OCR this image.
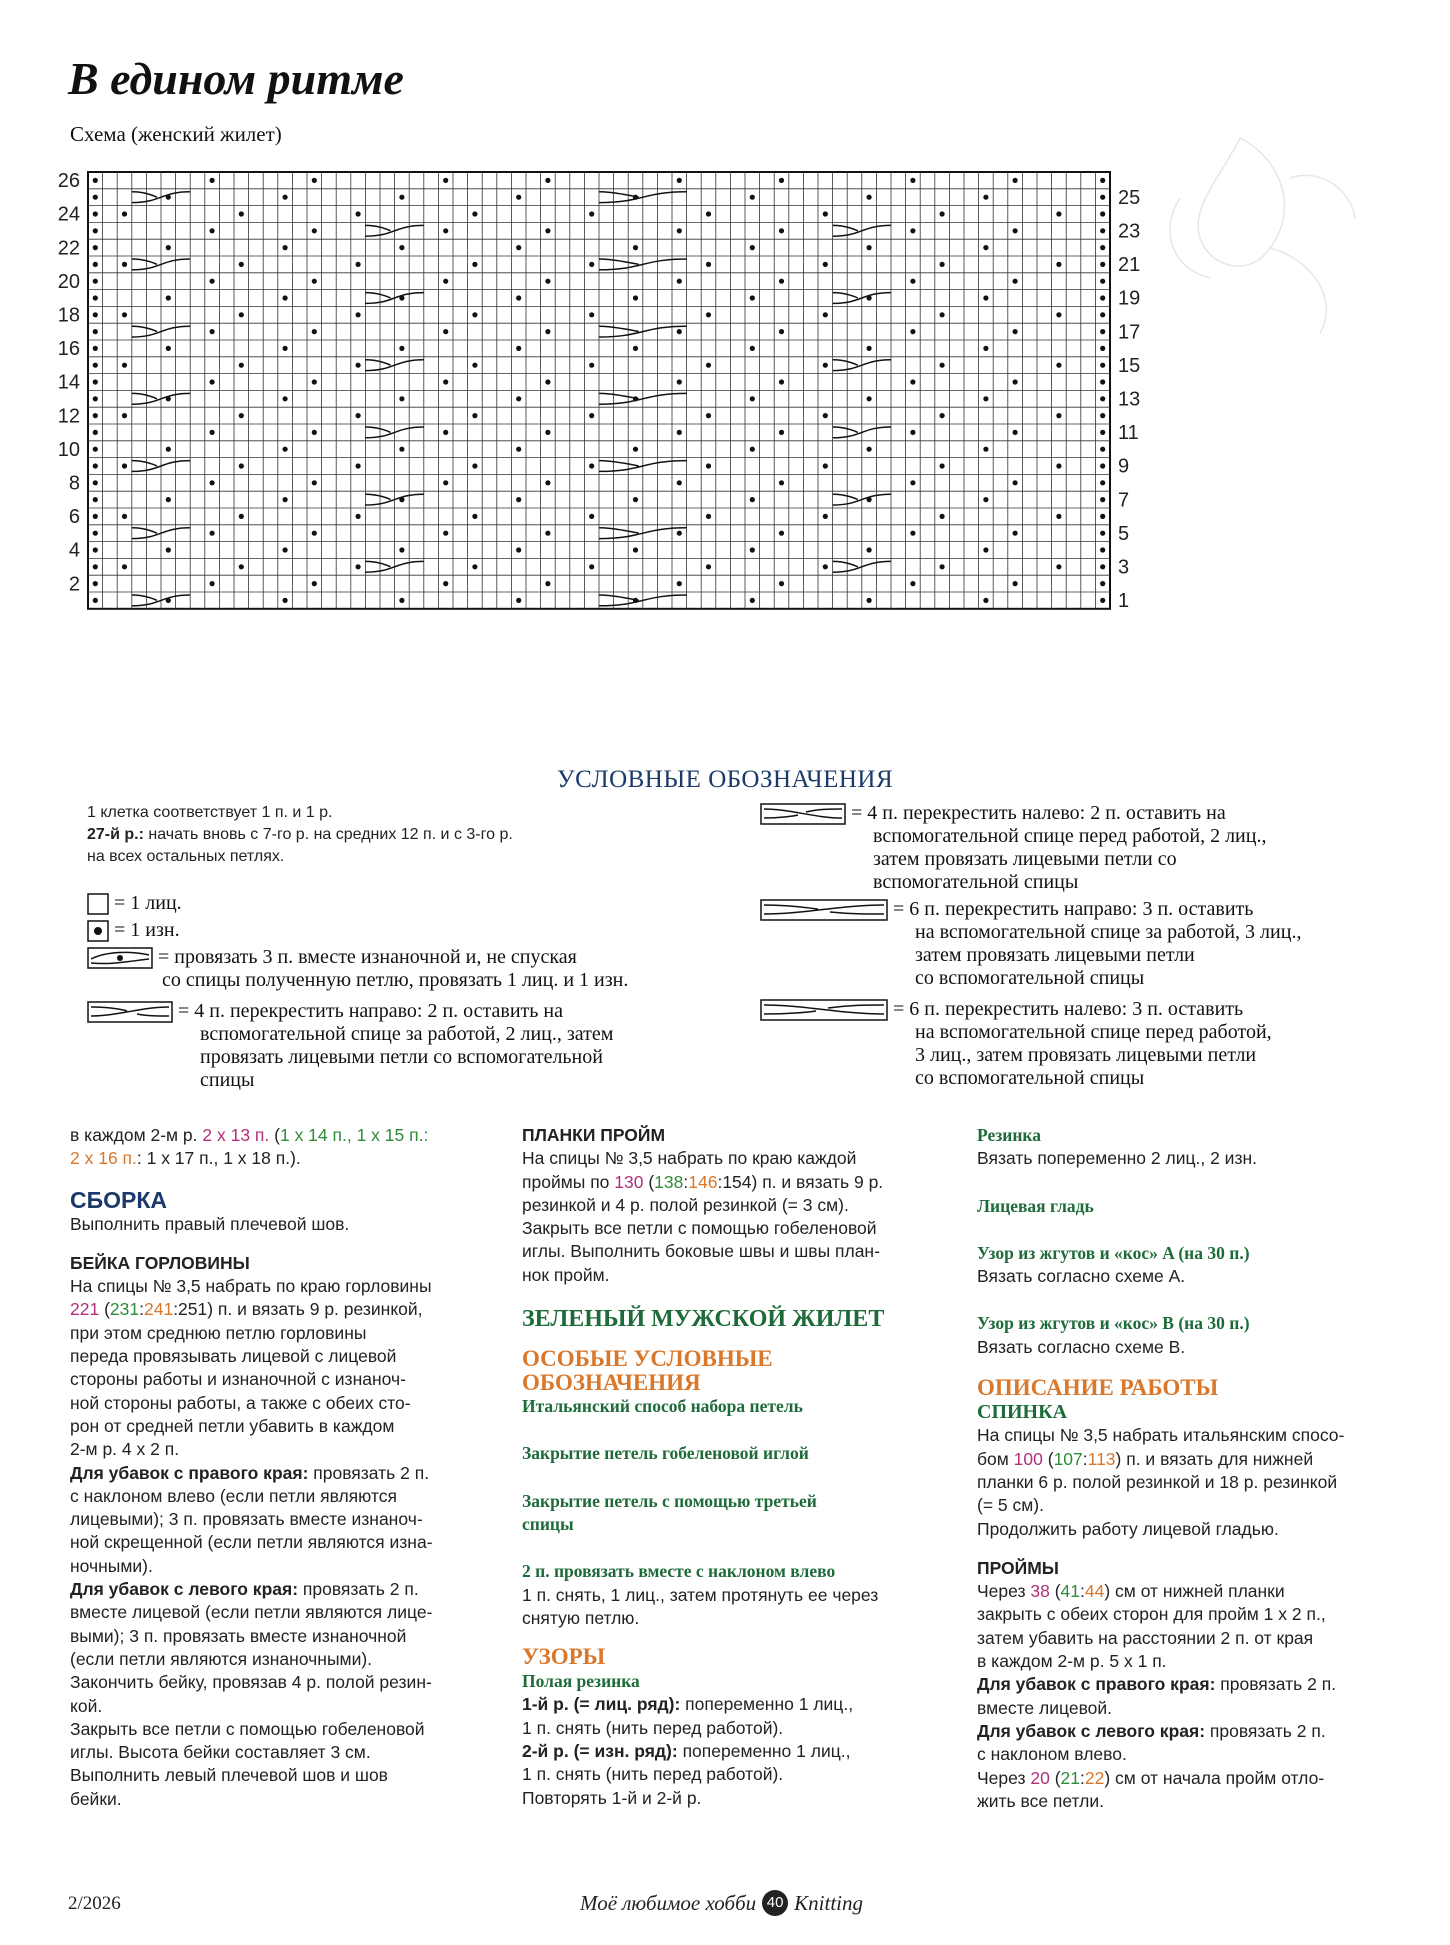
В едином ритме
Схема (женский жилет)
26
24
22
20
18
16
14
12
10
8
6
4
2
25
23
21
19
17
15
13
11
9
7
5
3
1
УСЛОВНЫЕ ОБОЗНАЧЕНИЯ
1 клетка соответствует 1 п. и 1 р.
27-й р.: начать вновь с 7-го р. на средних 12 п. и с 3-го р.
на всех остальных петлях.
= 1 лиц.
= 1 изн.
= провязать 3 п. вместе изнаночной и, не спуская
со спицы полученную петлю, провязать 1 лиц. и 1 изн.
= 4 п. перекрестить направо: 2 п. оставить на
вспомогательной спице за работой, 2 лиц., затем
провязать лицевыми петли со вспомогательной
спицы
= 4 п. перекрестить налево: 2 п. оставить на
вспомогательной спице перед работой, 2 лиц.,
затем провязать лицевыми петли со
вспомогательной спицы
= 6 п. перекрестить направо: 3 п. оставить
на вспомогательной спице за работой, 3 лиц.,
затем провязать лицевыми петли
со вспомогательной спицы
= 6 п. перекрестить налево: 3 п. оставить
на вспомогательной спице перед работой,
3 лиц., затем провязать лицевыми петли
со вспомогательной спицы

в каждом 2-м р. 2 х 13 п. (1 х 14 п., 1 х 15 п.:

2 х 16 п.: 1 х 17 п., 1 х 18 п.).

СБОРКА

Выполнить правый плечевой шов.

БЕЙКА ГОРЛОВИНЫ

На спицы № 3,5 набрать по краю горловины

221 (231:241:251) п. и вязать 9 р. резинкой,

при этом среднюю петлю горловины

переда провязывать лицевой с лицевой

стороны работы и изнаночной с изнаноч-

ной стороны работы, а также с обеих сто-

рон от средней петли убавить в каждом

2-м р. 4 х 2 п.

Для убавок с правого края: провязать 2 п.

с наклоном влево (если петли являются

лицевыми); 3 п. провязать вместе изнаноч-

ной скрещенной (если петли являются изна-

ночными).

Для убавок с левого края: провязать 2 п.

вместе лицевой (если петли являются лице-

выми); 3 п. провязать вместе изнаночной

(если петли являются изнаночными).

Закончить бейку, провязав 4 р. полой резин-

кой.

Закрыть все петли с помощью гобеленовой

иглы. Высота бейки составляет 3 см.

Выполнить левый плечевой шов и шов

бейки.

ПЛАНКИ ПРОЙМ

На спицы № 3,5 набрать по краю каждой

проймы по 130 (138:146:154) п. и вязать 9 р.

резинкой и 4 р. полой резинкой (= 3 см).

Закрыть все петли с помощью гобеленовой

иглы. Выполнить боковые швы и швы план-

нок пройм.

ЗЕЛЕНЫЙ МУЖСКОЙ ЖИЛЕТ

ОСОБЫЕ УСЛОВНЫЕ

ОБОЗНАЧЕНИЯ

Итальянский способ набора петель

Закрытие петель гобеленовой иглой

Закрытие петель с помощью третьей

спицы

2 п. провязать вместе с наклоном влево

1 п. снять, 1 лиц., затем протянуть ее через

снятую петлю.

УЗОРЫ

Полая резинка

1-й р. (= лиц. ряд): попеременно 1 лиц.,

1 п. снять (нить перед работой).

2-й р. (= изн. ряд): попеременно 1 лиц.,

1 п. снять (нить перед работой).

Повторять 1-й и 2-й р.

Резинка

Вязать попеременно 2 лиц., 2 изн.

Лицевая гладь

Узор из жгутов и «кос» A (на 30 п.)

Вязать согласно схеме А.

Узор из жгутов и «кос» B (на 30 п.)

Вязать согласно схеме В.

ОПИСАНИЕ РАБОТЫ

СПИНКА

На спицы № 3,5 набрать итальянским спосо-

бом 100 (107:113) п. и вязать для нижней

планки 6 р. полой резинкой и 18 р. резинкой

(= 5 см).

Продолжить работу лицевой гладью.

ПРОЙМЫ

Через 38 (41:44) см от нижней планки

закрыть с обеих сторон для пройм 1 х 2 п.,

затем убавить на расстоянии 2 п. от края

в каждом 2-м р. 5 х 1 п.

Для убавок с правого края: провязать 2 п.

вместе лицевой.

Для убавок с левого края: провязать 2 п.

с наклоном влево.

Через 20 (21:22) см от начала пройм отло-

жить все петли.

2/2026	Моё любимое хобби 40 Knitting
